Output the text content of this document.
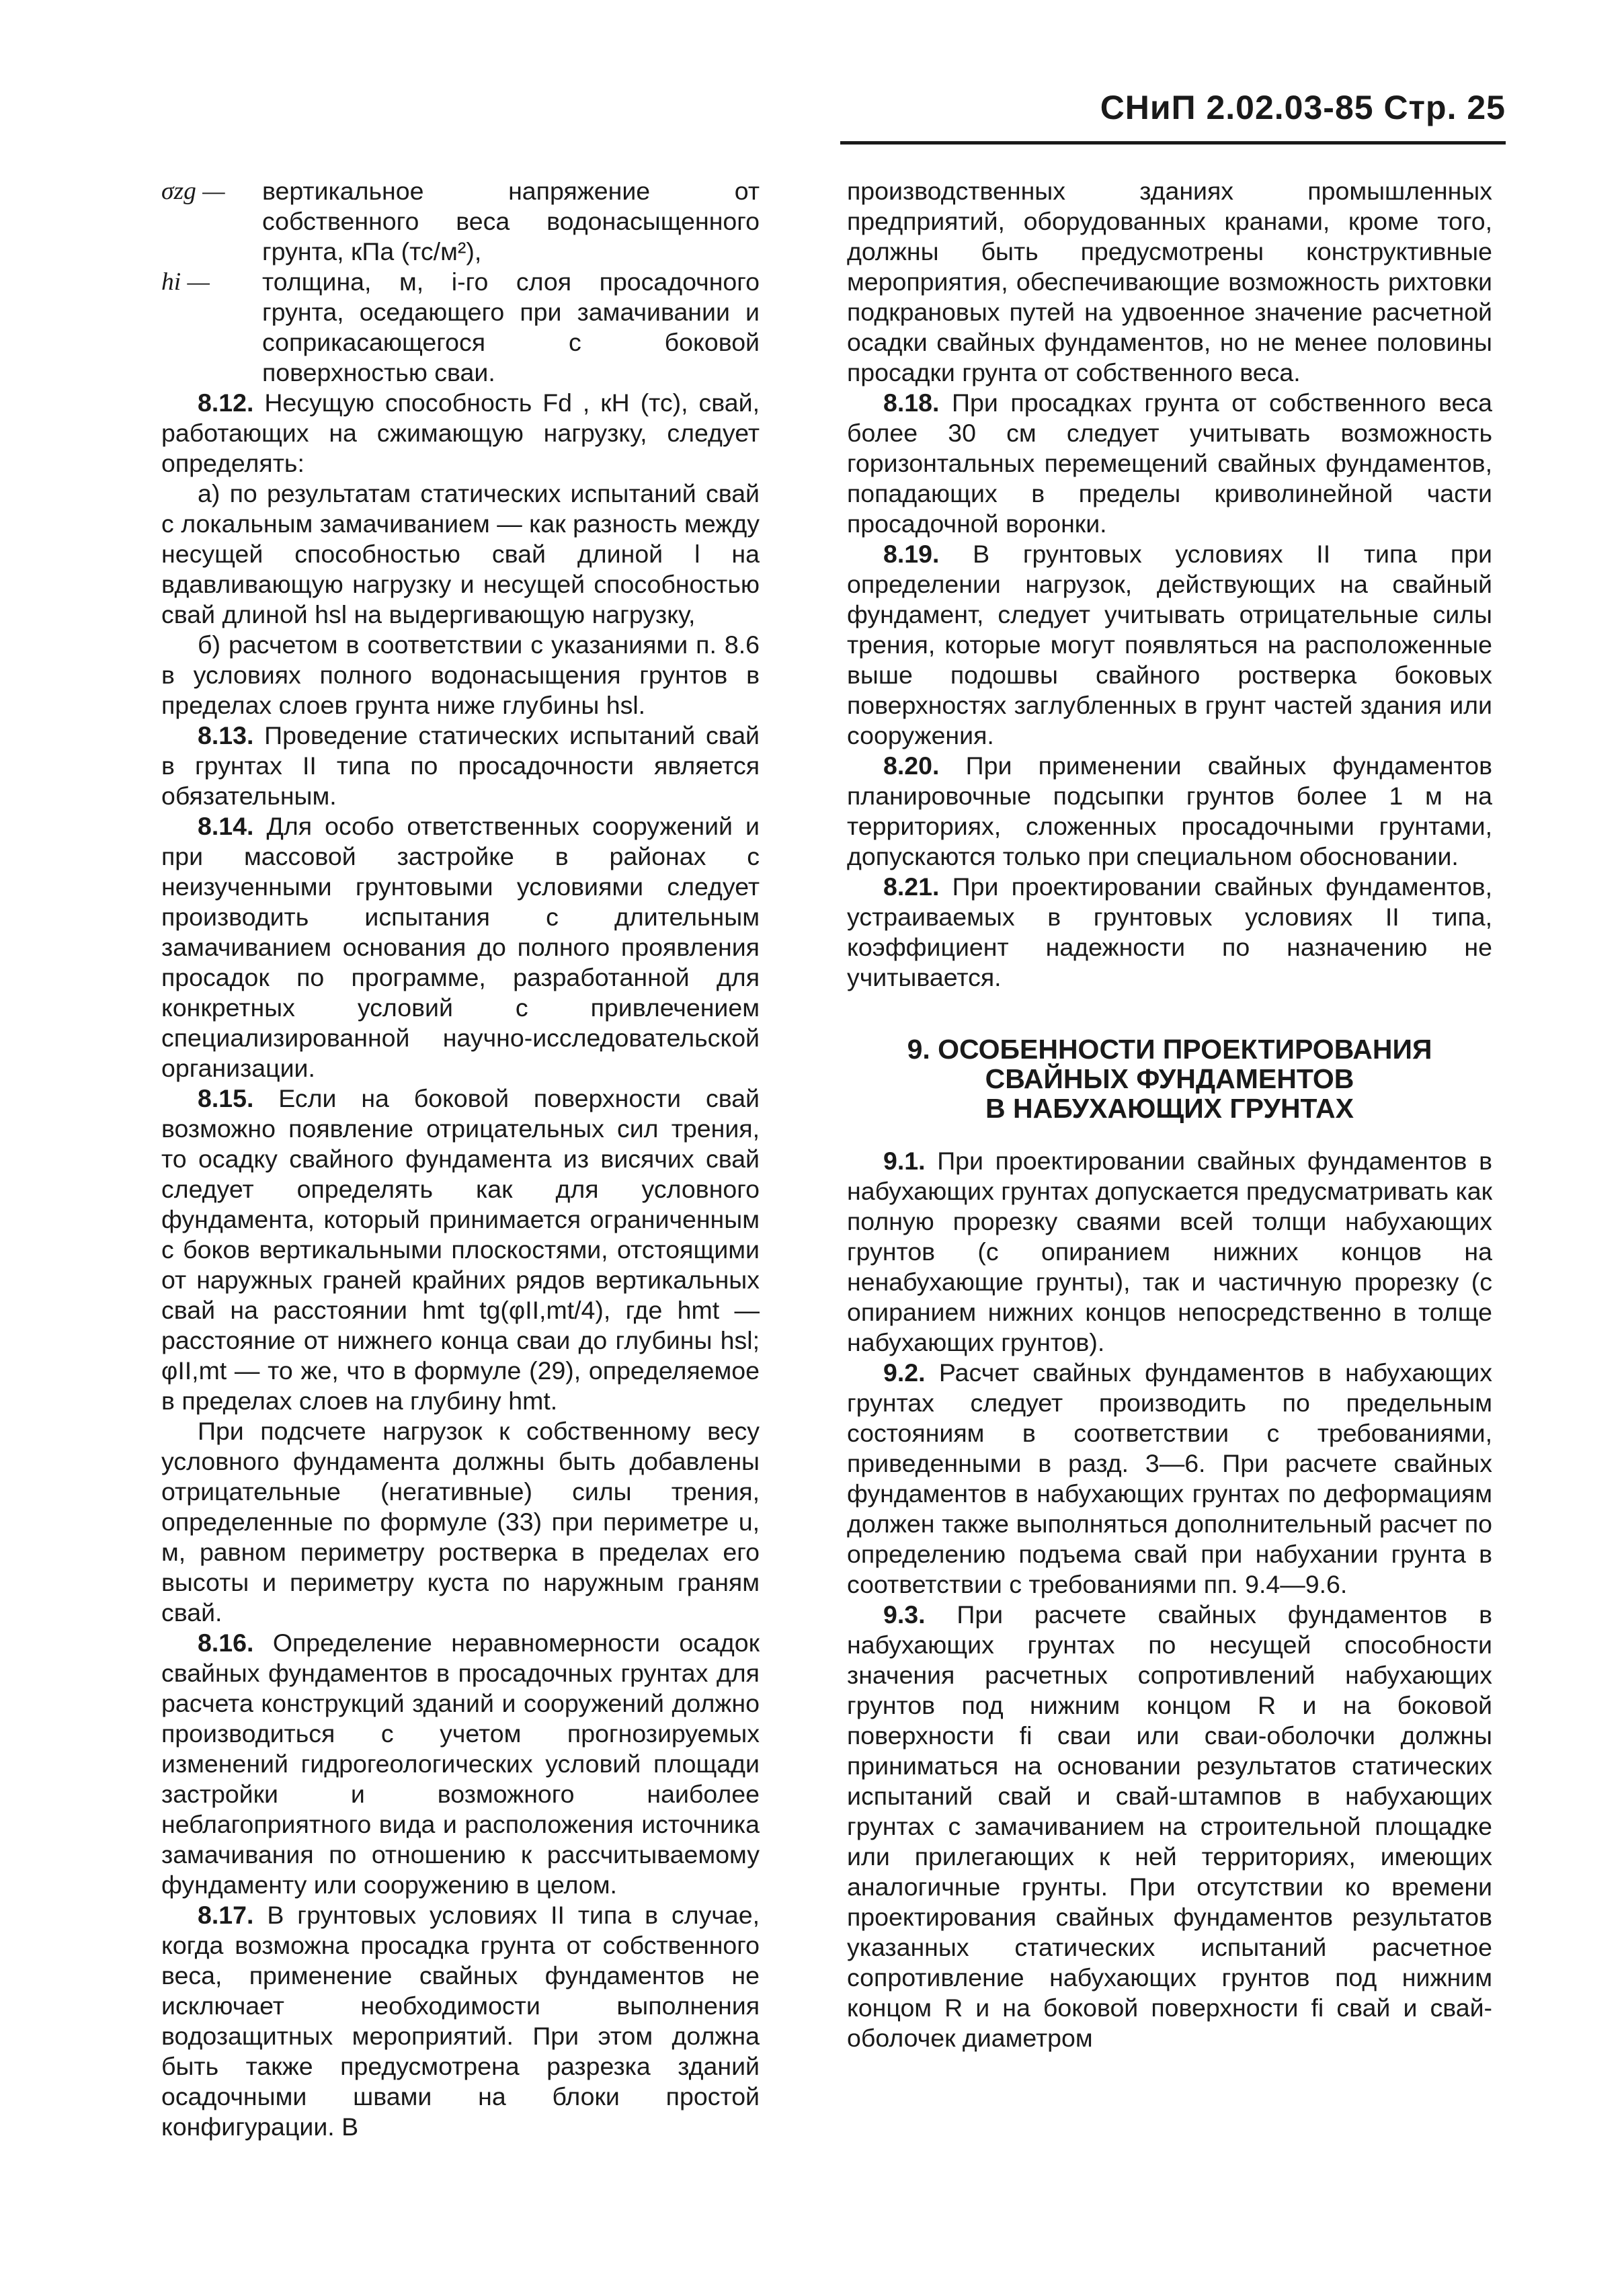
СНиП 2.02.03-85 Стр. 25
σzg —	вертикальное напряжение от собственного веса водонасыщенного грунта, кПа (тс/м²),
hi —	толщина, м, i-го слоя просадочного грунта, оседающего при замачивании и соприкасающегося с боковой поверхностью сваи.

8.12. Несущую способность Fd , кН (тс), свай, работающих на сжимающую нагрузку, следует определять:

а) по результатам статических испытаний свай с локальным замачиванием — как разность между несущей способностью свай длиной l на вдавливающую нагрузку и несущей способностью свай длиной hsl на выдергивающую нагрузку,

б) расчетом в соответствии с указаниями п. 8.6 в условиях полного водонасыщения грунтов в пределах слоев грунта ниже глубины hsl.

8.13. Проведение статических испытаний свай в грунтах II типа по просадочности является обязательным.

8.14. Для особо ответственных сооружений и при массовой застройке в районах с неизученными грунтовыми условиями следует производить испытания с длительным замачиванием основания до полного проявления просадок по программе, разработанной для конкретных условий с привлечением специализированной научно-исследовательской организации.

8.15. Если на боковой поверхности свай возможно появление отрицательных сил трения, то осадку свайного фундамента из висячих свай следует определять как для условного фундамента, который принимается ограниченным с боков вертикальными плоскостями, отстоящими от наружных граней крайних рядов вертикальных свай на расстоянии hmt tg(φII,mt/4), где hmt — расстояние от нижнего конца сваи до глубины hsl; φII,mt — то же, что в формуле (29), определяемое в пределах слоев на глубину hmt.

При подсчете нагрузок к собственному весу условного фундамента должны быть добавлены отрицательные (негативные) силы трения, определенные по формуле (33) при периметре u, м, равном периметру ростверка в пределах его высоты и периметру куста по наружным граням свай.

8.16. Определение неравномерности осадок свайных фундаментов в просадочных грунтах для расчета конструкций зданий и сооружений должно производиться с учетом прогнозируемых изменений гидрогеологических условий площади застройки и возможного наиболее неблагоприятного вида и расположения источника замачивания по отношению к рассчитываемому фундаменту или сооружению в целом.

8.17. В грунтовых условиях II типа в случае, когда возможна просадка грунта от собственного веса, применение свайных фундаментов не исключает необходимости выполнения водозащитных мероприятий. При этом должна быть также предусмотрена разрезка зданий осадочными швами на блоки простой конфигурации. В

производственных зданиях промышленных предприятий, оборудованных кранами, кроме того, должны быть предусмотрены конструктивные мероприятия, обеспечивающие возможность рихтовки подкрановых путей на удвоенное значение расчетной осадки свайных фундаментов, но не менее половины просадки грунта от собственного веса.

8.18. При просадках грунта от собственного веса более 30 см следует учитывать возможность горизонтальных перемещений свайных фундаментов, попадающих в пределы криволинейной части просадочной воронки.

8.19. В грунтовых условиях II типа при определении нагрузок, действующих на свайный фундамент, следует учитывать отрицательные силы трения, которые могут появляться на расположенные выше подошвы свайного ростверка боковых поверхностях заглубленных в грунт частей здания или сооружения.

8.20. При применении свайных фундаментов планировочные подсыпки грунтов более 1 м на территориях, сложенных просадочными грунтами, допускаются только при специальном обосновании.

8.21. При проектировании свайных фундаментов, устраиваемых в грунтовых условиях II типа, коэффициент надежности по назначению не учитывается.

9. ОСОБЕННОСТИ ПРОЕКТИРОВАНИЯ
СВАЙНЫХ ФУНДАМЕНТОВ
В НАБУХАЮЩИХ ГРУНТАХ

9.1. При проектировании свайных фундаментов в набухающих грунтах допускается предусматривать как полную прорезку сваями всей толщи набухающих грунтов (с опиранием нижних концов на ненабухающие грунты), так и частичную прорезку (с опиранием нижних концов непосредственно в толще набухающих грунтов).

9.2. Расчет свайных фундаментов в набухающих грунтах следует производить по предельным состояниям в соответствии с требованиями, приведенными в разд. 3—6. При расчете свайных фундаментов в набухающих грунтах по деформациям должен также выполняться дополнительный расчет по определению подъема свай при набухании грунта в соответствии с требованиями пп. 9.4—9.6.

9.3. При расчете свайных фундаментов в набухающих грунтах по несущей способности значения расчетных сопротивлений набухающих грунтов под нижним концом R и на боковой поверхности fi сваи или сваи-оболочки должны приниматься на основании результатов статических испытаний свай и свай-штампов в набухающих грунтах с замачиванием на строительной площадке или прилегающих к ней территориях, имеющих аналогичные грунты. При отсутствии ко времени проектирования свайных фундаментов результатов указанных статических испытаний расчетное сопротивление набухающих грунтов под нижним концом R и на боковой поверхности fi свай и свай-оболочек диаметром
